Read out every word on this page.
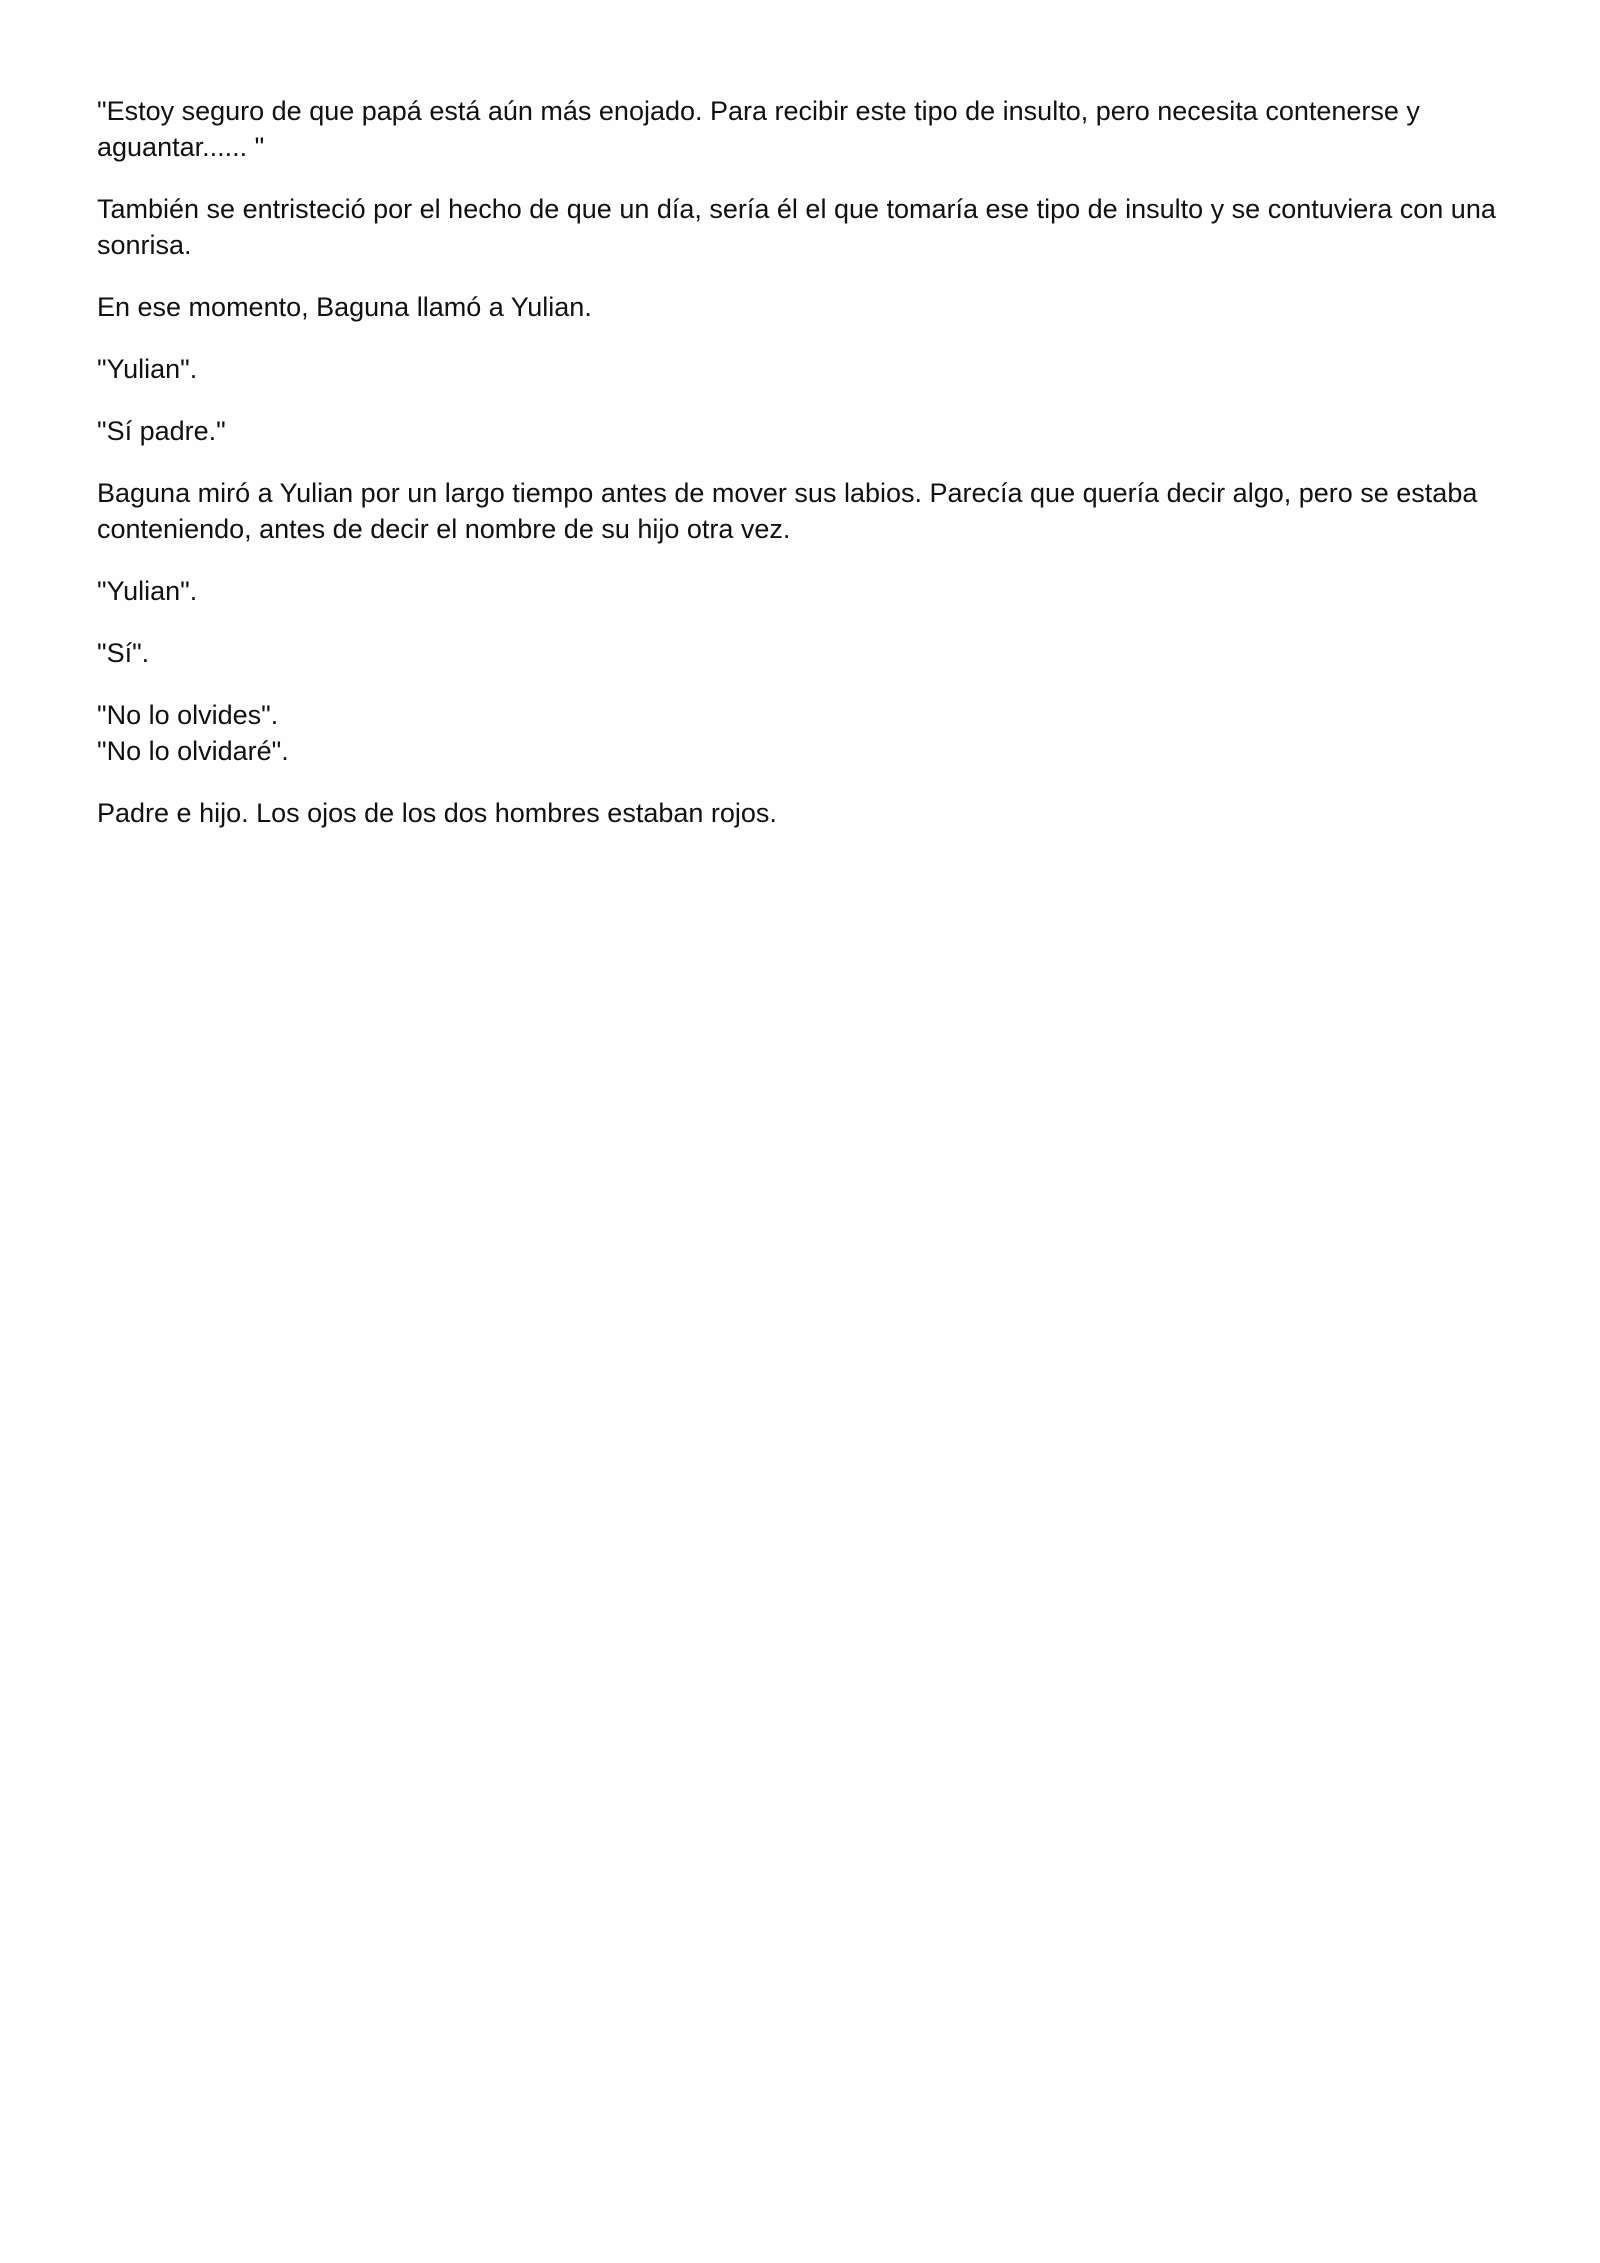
"Estoy seguro de que papá está aún más enojado. Para recibir este tipo de insulto, pero necesita contenerse y aguantar...... "

También se entristeció por el hecho de que un día, sería él el que tomaría ese tipo de insulto y se contuviera con una sonrisa.

En ese momento, Baguna llamó a Yulian.

"Yulian".

"Sí padre."

Baguna miró a Yulian por un largo tiempo antes de mover sus labios. Parecía que quería decir algo, pero se estaba conteniendo, antes de decir el nombre de su hijo otra vez.

"Yulian".

"Sí".

"No lo olvides".
"No lo olvidaré".

Padre e hijo. Los ojos de los dos hombres estaban rojos.
